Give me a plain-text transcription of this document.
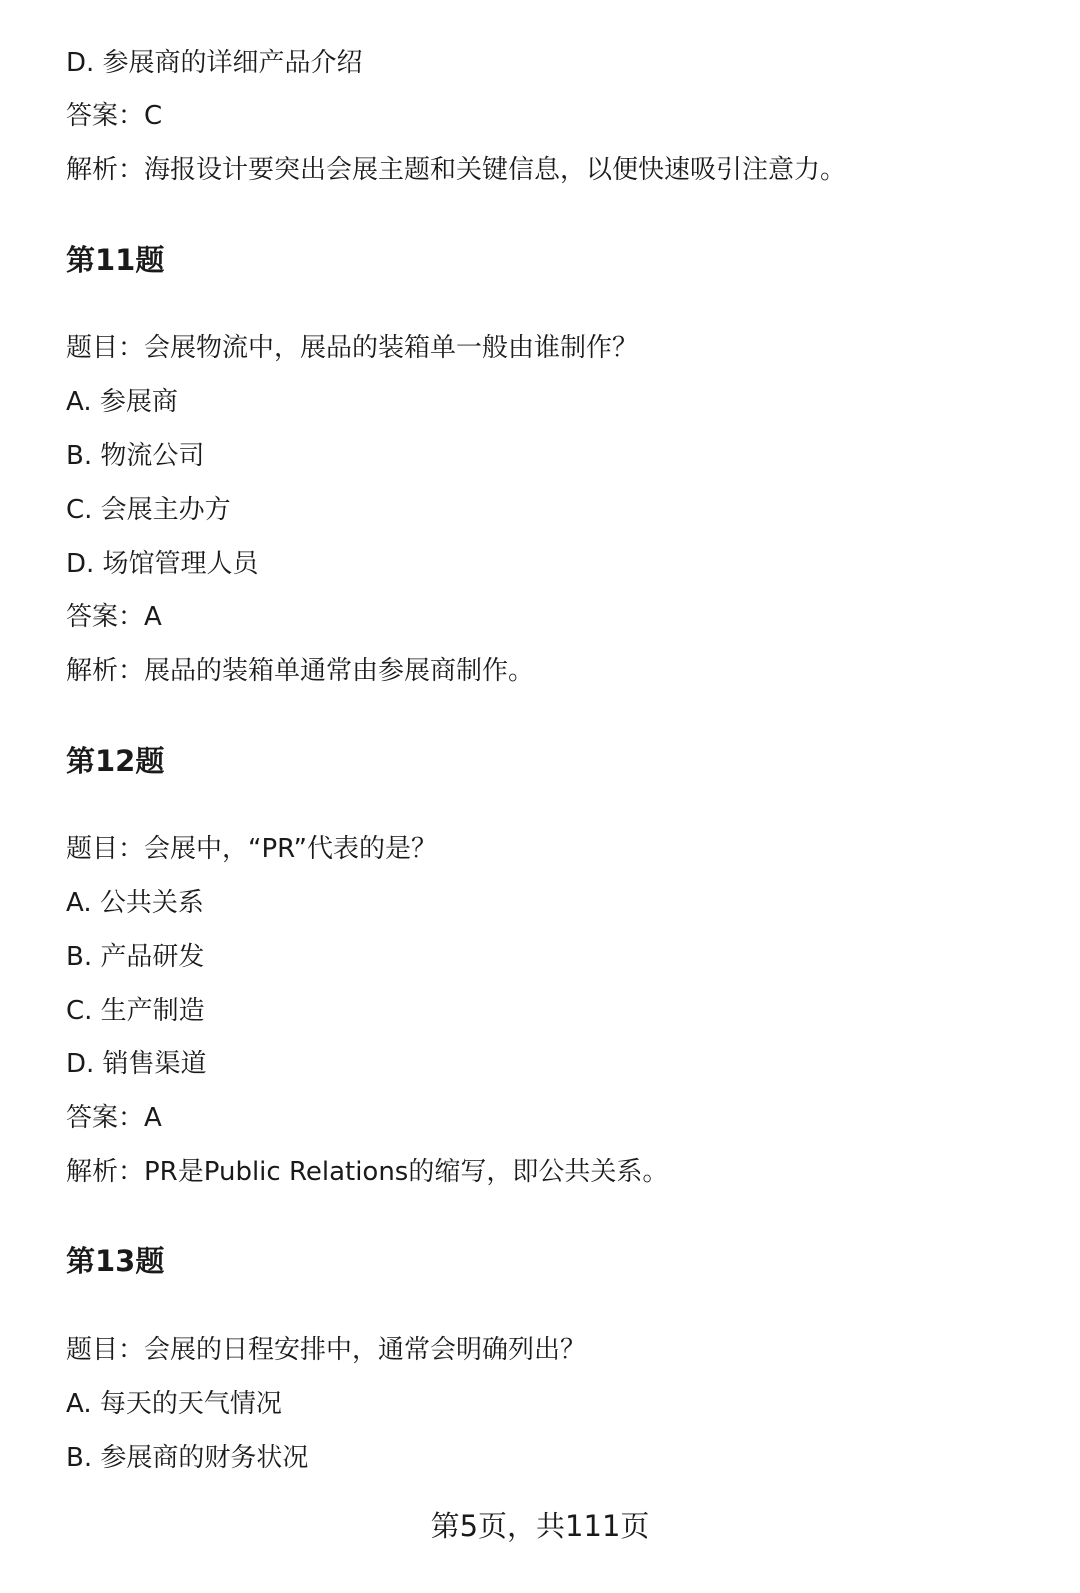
D. 参展商的详细产品介绍

答案：C

解析：海报设计要突出会展主题和关键信息，以便快速吸引注意力。

第11题

题目：会展物流中，展品的装箱单一般由谁制作？

A. 参展商

B. 物流公司

C. 会展主办方

D. 场馆管理人员

答案：A

解析：展品的装箱单通常由参展商制作。

第12题

题目：会展中，“PR”代表的是？

A. 公共关系

B. 产品研发

C. 生产制造

D. 销售渠道

答案：A

解析：PR是Public Relations的缩写，即公共关系。

第13题

题目：会展的日程安排中，通常会明确列出？

A. 每天的天气情况

B. 参展商的财务状况

第5页，共111页
